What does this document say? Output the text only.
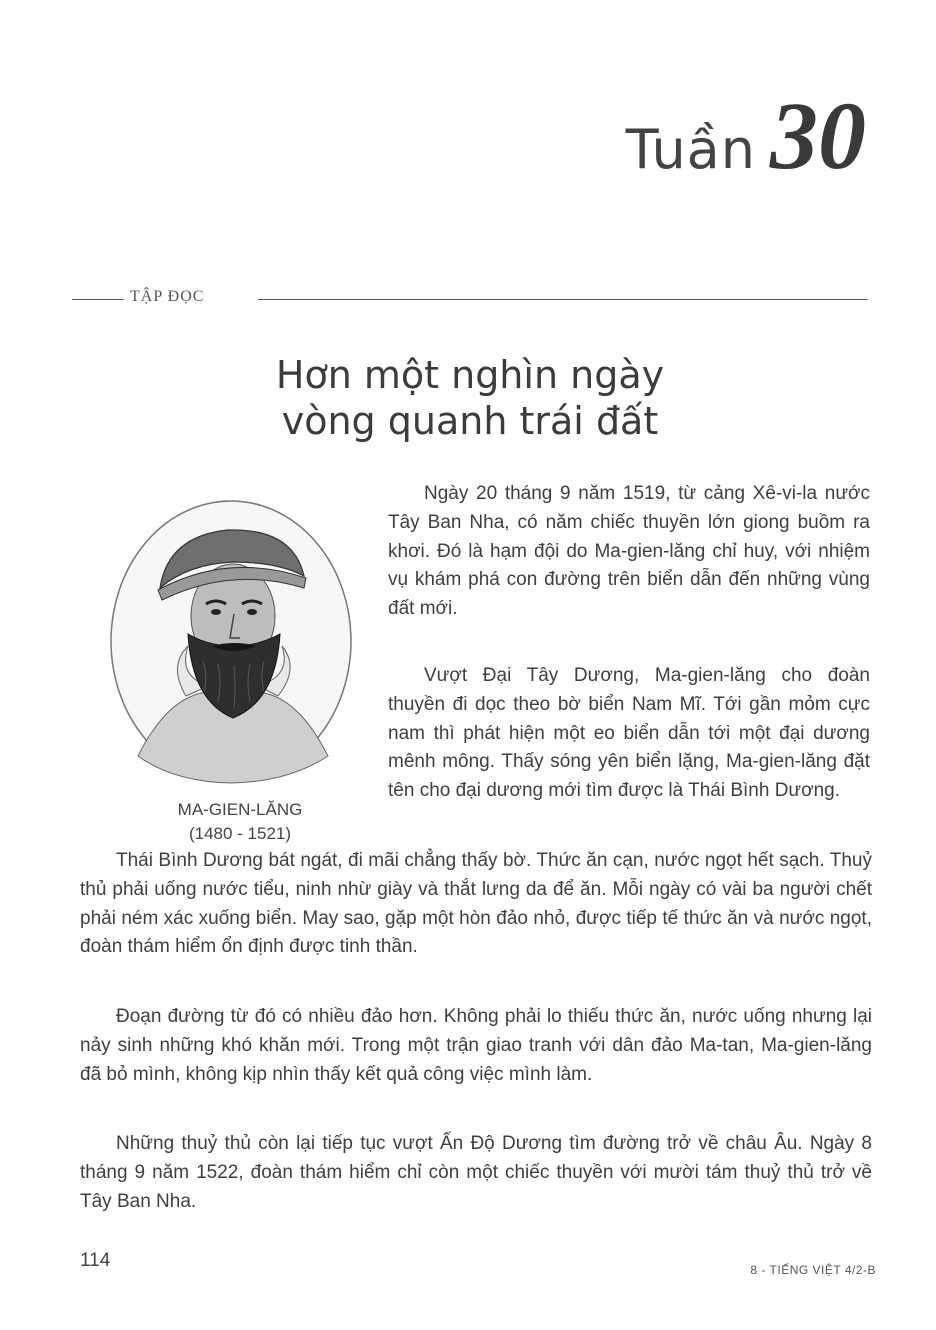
Tuần 30
TẬP ĐỌC
Hơn một nghìn ngày
vòng quanh trái đất
MA-GIEN-LĂNG
(1480 - 1521)

Ngày 20 tháng 9 năm 1519, từ cảng Xê-vi-la nước Tây Ban Nha, có năm chiếc thuyền lớn giong buồm ra khơi. Đó là hạm đội do Ma-gien-lăng chỉ huy, với nhiệm vụ khám phá con đường trên biển dẫn đến những vùng đất mới.

Vượt Đại Tây Dương, Ma-gien-lăng cho đoàn thuyền đi dọc theo bờ biển Nam Mĩ. Tới gần mỏm cực nam thì phát hiện một eo biển dẫn tới một đại dương mênh mông. Thấy sóng yên biển lặng, Ma-gien-lăng đặt tên cho đại dương mới tìm được là Thái Bình Dương.

Thái Bình Dương bát ngát, đi mãi chẳng thấy bờ. Thức ăn cạn, nước ngọt hết sạch. Thuỷ thủ phải uống nước tiểu, ninh nhừ giày và thắt lưng da để ăn. Mỗi ngày có vài ba người chết phải ném xác xuống biển. May sao, gặp một hòn đảo nhỏ, được tiếp tế thức ăn và nước ngọt, đoàn thám hiểm ổn định được tinh thần.

Đoạn đường từ đó có nhiều đảo hơn. Không phải lo thiếu thức ăn, nước uống nhưng lại nảy sinh những khó khăn mới. Trong một trận giao tranh với dân đảo Ma-tan, Ma-gien-lăng đã bỏ mình, không kịp nhìn thấy kết quả công việc mình làm.

Những thuỷ thủ còn lại tiếp tục vượt Ấn Độ Dương tìm đường trở về châu Âu. Ngày 8 tháng 9 năm 1522, đoàn thám hiểm chỉ còn một chiếc thuyền với mười tám thuỷ thủ trở về Tây Ban Nha.

114	8 - TIẾNG VIỆT 4/2-B
